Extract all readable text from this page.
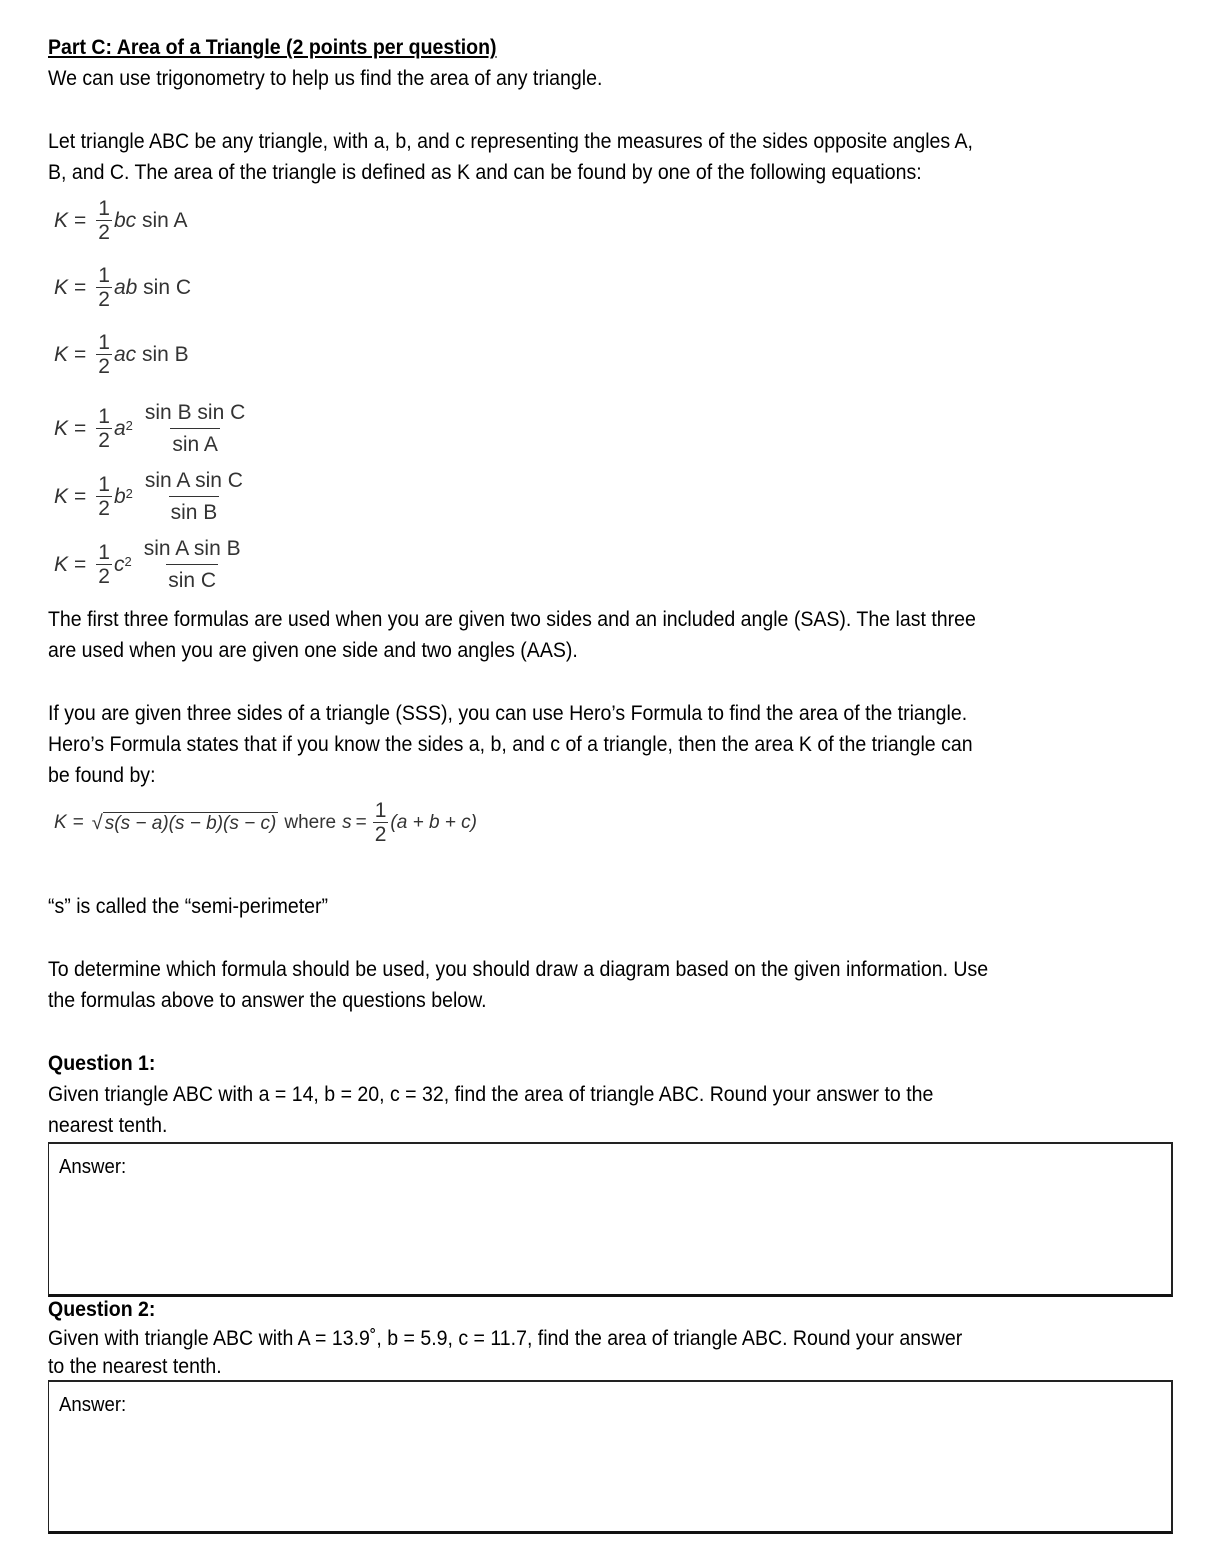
Part C: Area of a Triangle (2 points per question)
We can use trigonometry to help us find the area of any triangle.
Let triangle ABC be any triangle, with a, b, and c representing the measures of the sides opposite angles A,
B, and C. The area of the triangle is defined as K and can be found by one of the following equations:
$K = \frac{1}{2}$ bc
sin A
$K = \frac{1}{2}$ ab
sin C
$K = \frac{1}{2}$ ac
sin B
$K = \frac{1}{2}$ a $2 \frac{\text{sin B sin C}}{\text{sin A}}$
$K = \frac{1}{2}$ b $2 \frac{\text{sin A sin C}}{\text{sin B}}$
$K = \frac{1}{2}$ c $2 \frac{\text{sin A sin B}}{\text{sin C}}$
The first three formulas are used when you are given two sides and an included angle (SAS). The last three
are used when you are given one side and two angles (AAS).
If you are given three sides of a triangle (SSS), you can use Hero’s Formula to find the area of the triangle.
Hero’s Formula states that if you know the sides a, b, and c of a triangle, then the area K of the triangle can
be found by:
K = √ s(s − a)(s − b)(s − c) where $s = \frac{1}{2} (a + b + c)$
“s” is called the “semi-perimeter”
To determine which formula should be used, you should draw a diagram based on the given information. Use
the formulas above to answer the questions below.
Question 1:
Given triangle ABC with a = 14, b = 20, c = 32, find the area of triangle ABC. Round your answer to the
nearest tenth.
Answer:
Question 2:
Given with triangle ABC with A = 13.9˚, b = 5.9, c = 11.7, find the area of triangle ABC. Round your answer
to the nearest tenth.
Answer:
